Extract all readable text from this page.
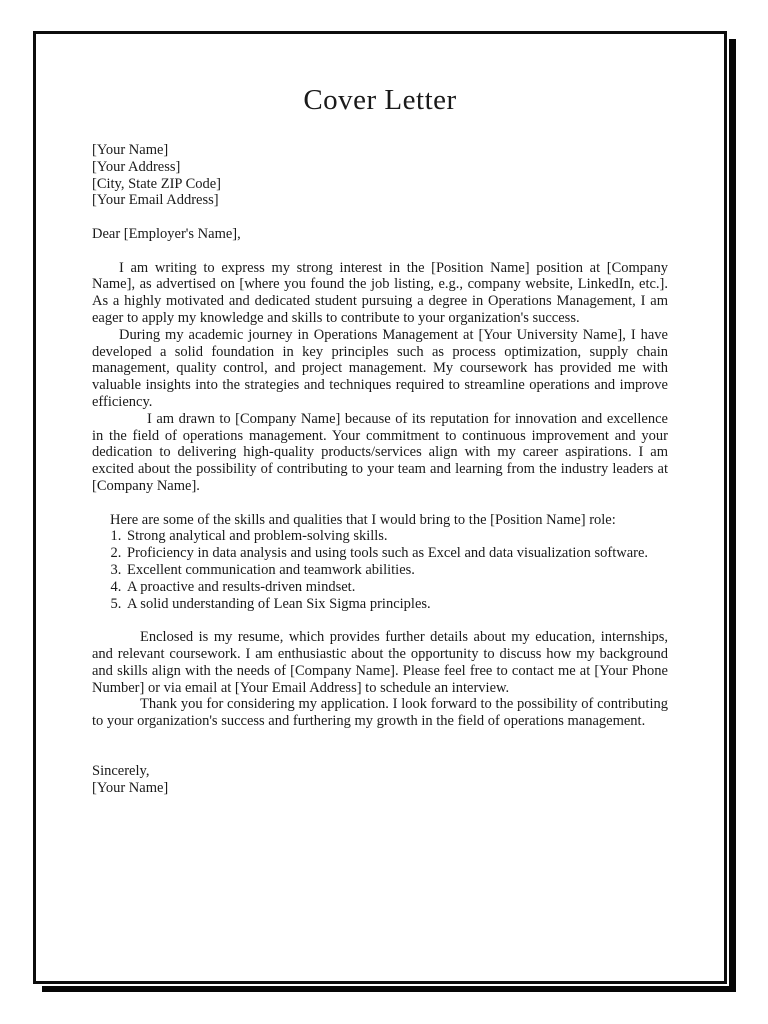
Cover Letter
[Your Name]
[Your Address]
[City, State ZIP Code]
[Your Email Address]
Dear [Employer's Name],

I am writing to express my strong interest in the [Position Name] position at [Company Name], as advertised on [where you found the job listing, e.g., company website, LinkedIn, etc.]. As a highly motivated and dedicated student pursuing a degree in Operations Management, I am eager to apply my knowledge and skills to contribute to your organization's success.

During my academic journey in Operations Management at [Your University Name], I have developed a solid foundation in key principles such as process optimization, supply chain management, quality control, and project management. My coursework has provided me with valuable insights into the strategies and techniques required to streamline operations and improve efficiency.

I am drawn to [Company Name] because of its reputation for innovation and excellence in the field of operations management. Your commitment to continuous improvement and your dedication to delivering high-quality products/services align with my career aspirations. I am excited about the possibility of contributing to your team and learning from the industry leaders at [Company Name].

Here are some of the skills and qualities that I would bring to the [Position Name] role:
1. Strong analytical and problem-solving skills.
2. Proficiency in data analysis and using tools such as Excel and data visualization software.
3. Excellent communication and teamwork abilities.
4. A proactive and results-driven mindset.
5. A solid understanding of Lean Six Sigma principles.

Enclosed is my resume, which provides further details about my education, internships, and relevant coursework. I am enthusiastic about the opportunity to discuss how my background and skills align with the needs of [Company Name]. Please feel free to contact me at [Your Phone Number] or via email at [Your Email Address] to schedule an interview.

Thank you for considering my application. I look forward to the possibility of contributing to your organization's success and furthering my growth in the field of operations management.

Sincerely,
[Your Name]
